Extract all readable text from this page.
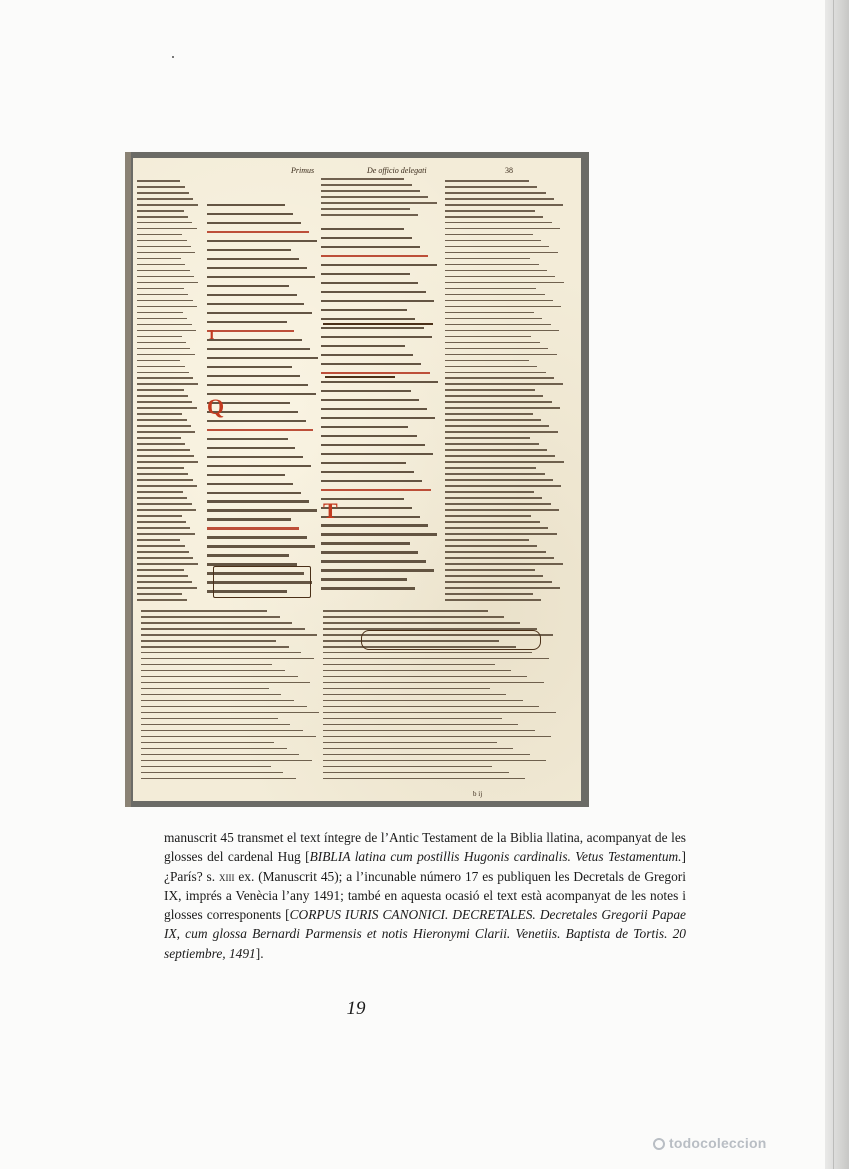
Primus	De officio delegati	38
I
Q
T
b ij
manuscrit 45 transmet el text íntegre de l’Antic Testament de la Biblia llatina, acompanyat de les glosses del cardenal Hug [BIBLIA latina cum postillis Hugonis cardinalis. Vetus Testamentum.] ¿París? s. xiii ex. (Manuscrit 45); a l’incunable número 17 es publiquen les Decretals de Gregori IX, imprés a Venècia l’any 1491; també en aquesta ocasió el text està acompanyat de les notes i glosses corresponents [CORPUS IURIS CANONICI. DECRETALES. Decretales Gregorii Papae IX, cum glossa Bernardi Parmensis et notis Hieronymi Clarii. Venetiis. Baptista de Tortis. 20 septiembre, 1491].
19
todocoleccion
